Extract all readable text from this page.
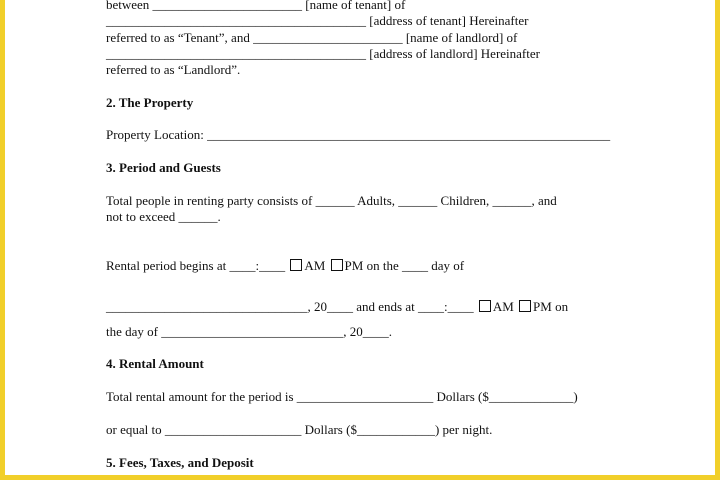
between _______________________ [name of tenant] of
________________________________________ [address of tenant] Hereinafter
referred to as “Tenant”, and _______________________ [name of landlord] of
________________________________________ [address of landlord] Hereinafter
referred to as “Landlord”.
2. The Property
Property Location: ______________________________________________________________
3. Period and Guests
Total people in renting party consists of ______ Adults, ______ Children, ______, and
not to exceed ______.
Rental period begins at ____:____ AM PM on the ____ day of
_______________________________, 20____ and ends at ____:____ AM PM on
the day of ____________________________, 20____.
4. Rental Amount
Total rental amount for the period is _____________________ Dollars ($_____________)
or equal to _____________________ Dollars ($____________) per night.
5. Fees, Taxes, and Deposit
